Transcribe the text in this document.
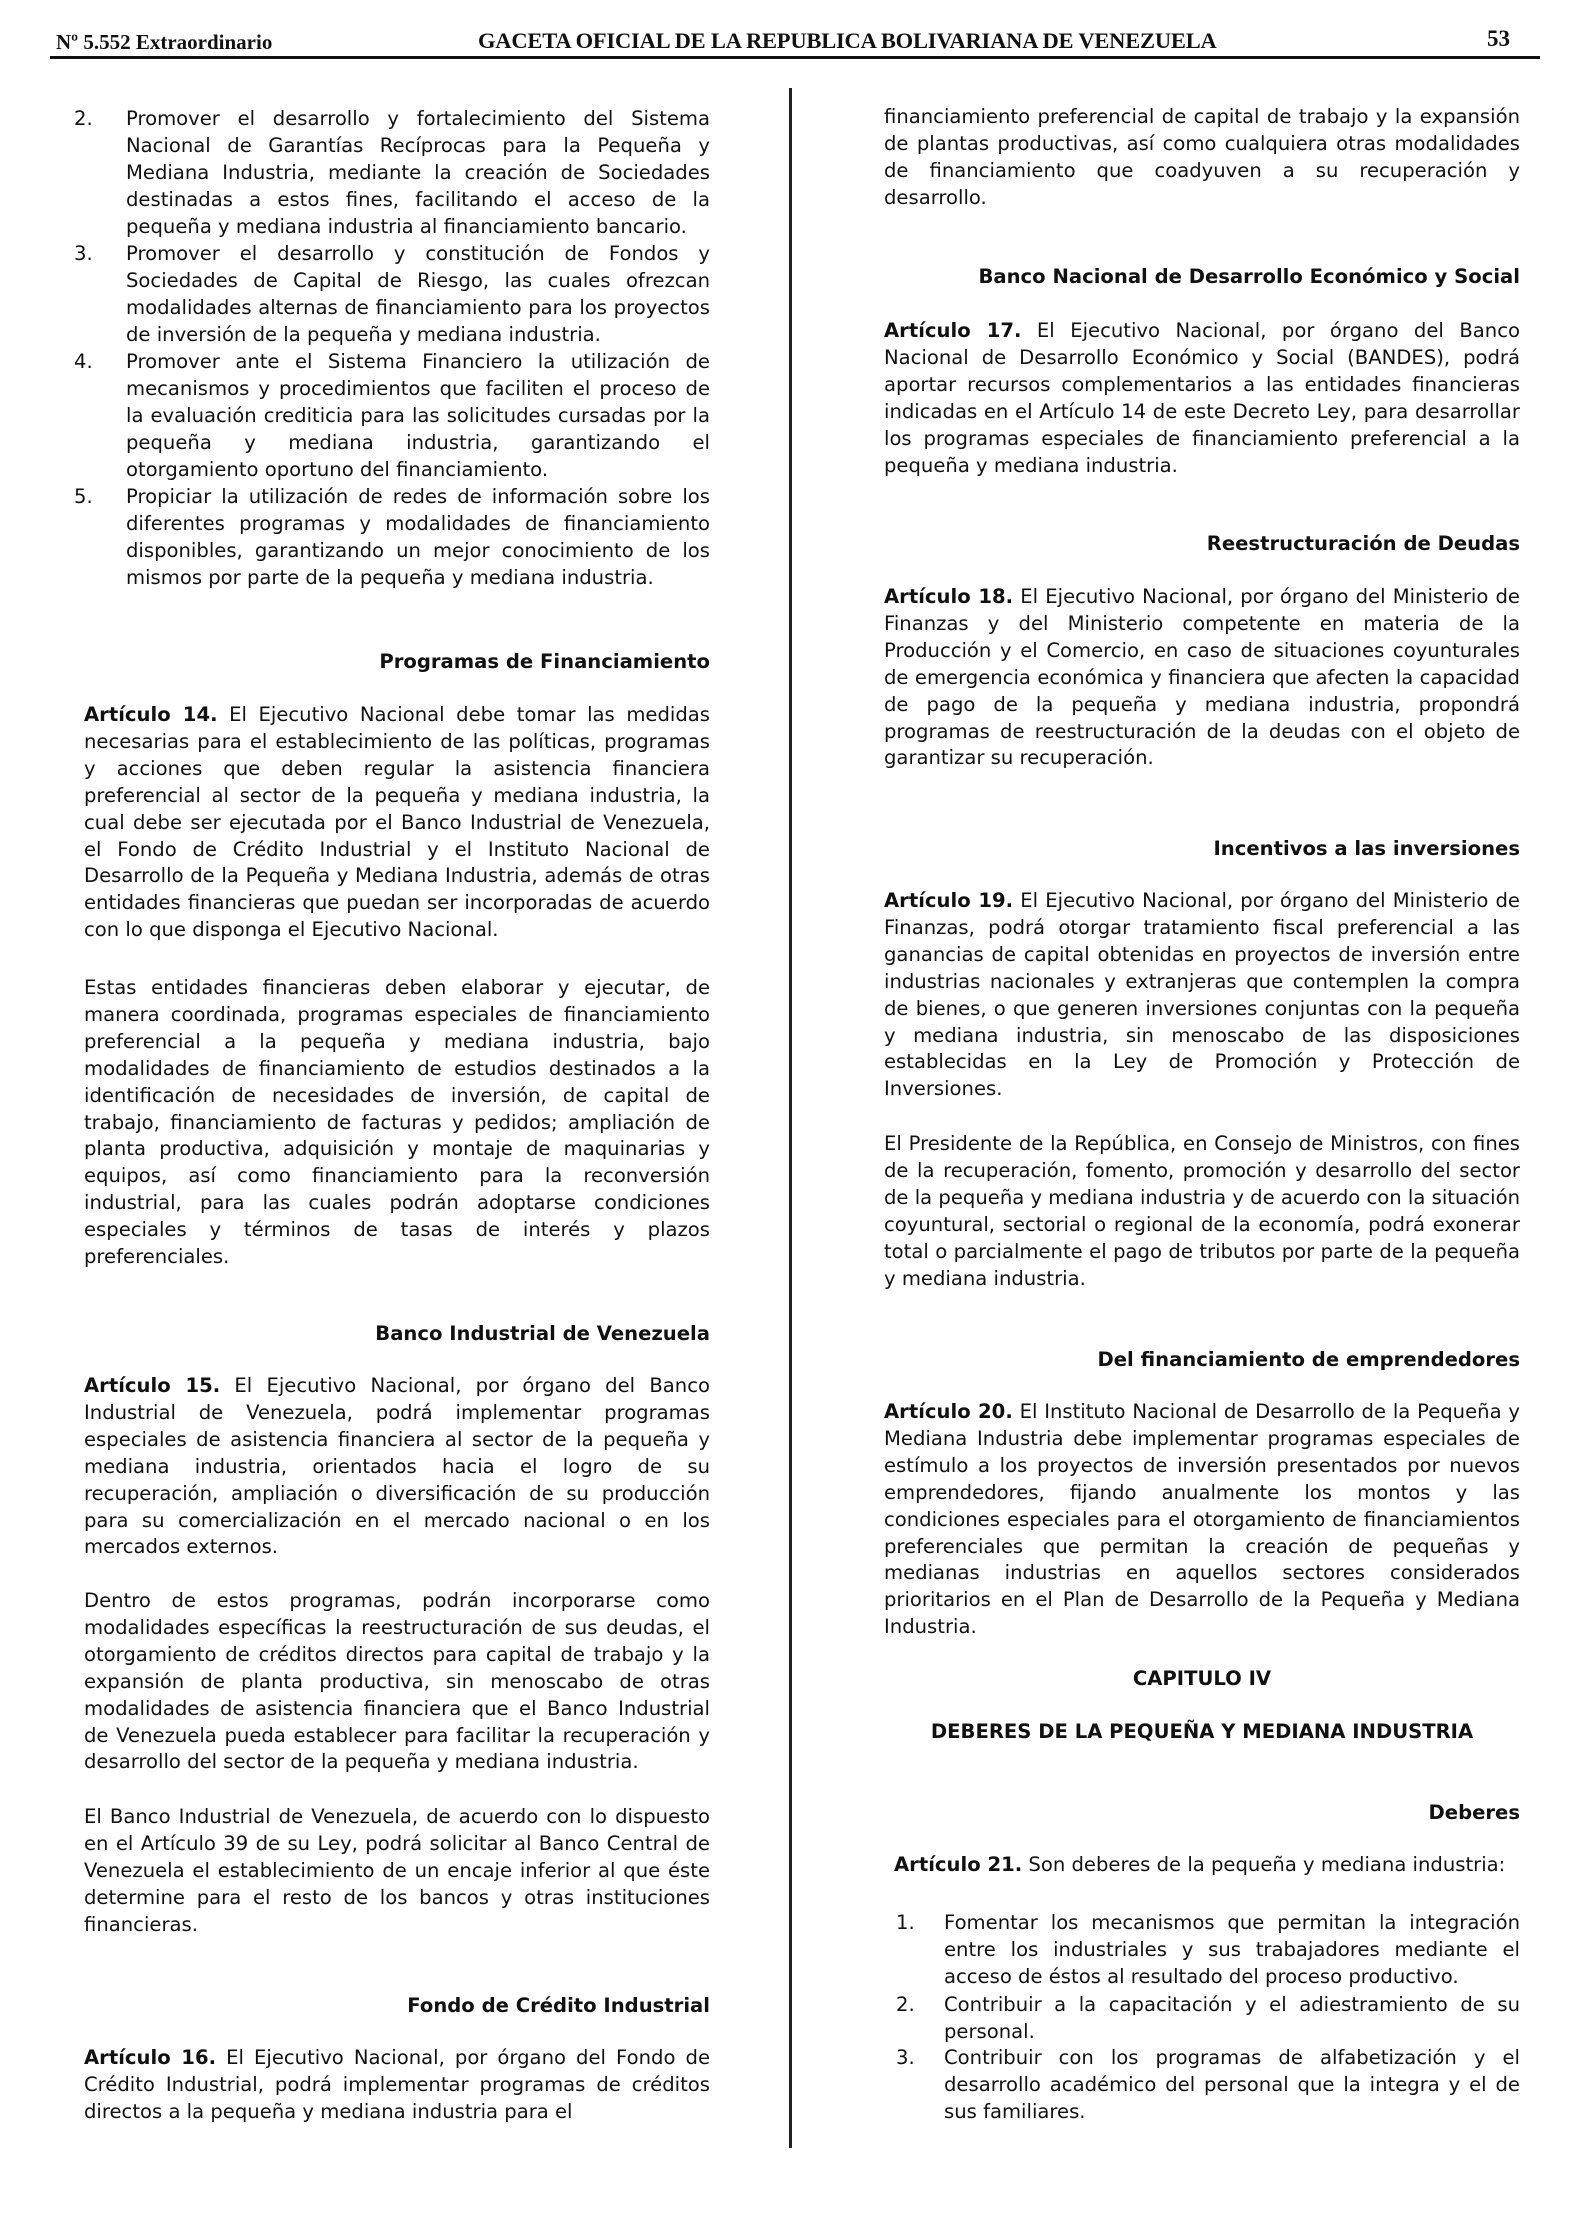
Nº 5.552 Extraordinario	GACETA OFICIAL DE LA REPUBLICA BOLIVARIANA DE VENEZUELA	53
2.	Promover el desarrollo y fortalecimiento del Sistema Nacional de Garantías Recíprocas para la Pequeña y Mediana Industria, mediante la creación de Sociedades destinadas a estos fines, facilitando el acceso de la pequeña y mediana industria al financiamiento bancario.

3.	Promover el desarrollo y constitución de Fondos y Sociedades de Capital de Riesgo, las cuales ofrezcan modalidades alternas de financiamiento para los proyectos de inversión de la pequeña y mediana industria.

4.	Promover ante el Sistema Financiero la utilización de mecanismos y procedimientos que faciliten el proceso de la evaluación crediticia para las solicitudes cursadas por la pequeña y mediana industria, garantizando el otorgamiento oportuno del financiamiento.

5.	Propiciar la utilización de redes de información sobre los diferentes programas y modalidades de financiamiento disponibles, garantizando un mejor conocimiento de los mismos por parte de la pequeña y mediana industria.

Programas de Financiamiento

Artículo 14. El Ejecutivo Nacional debe tomar las medidas necesarias para el establecimiento de las políticas, programas y acciones que deben regular la asistencia financiera preferencial al sector de la pequeña y mediana industria, la cual debe ser ejecutada por el Banco Industrial de Venezuela, el Fondo de Crédito Industrial y el Instituto Nacional de Desarrollo de la Pequeña y Mediana Industria, además de otras entidades financieras que puedan ser incorporadas de acuerdo con lo que disponga el Ejecutivo Nacional.

Estas entidades financieras deben elaborar y ejecutar, de manera coordinada, programas especiales de financiamiento preferencial a la pequeña y mediana industria, bajo modalidades de financiamiento de estudios destinados a la identificación de necesidades de inversión, de capital de trabajo, financiamiento de facturas y pedidos; ampliación de planta productiva, adquisición y montaje de maquinarias y equipos, así como financiamiento para la reconversión industrial, para las cuales podrán adoptarse condiciones especiales y términos de tasas de interés y plazos preferenciales.

Banco Industrial de Venezuela

Artículo 15. El Ejecutivo Nacional, por órgano del Banco Industrial de Venezuela, podrá implementar programas especiales de asistencia financiera al sector de la pequeña y mediana industria, orientados hacia el logro de su recuperación, ampliación o diversificación de su producción para su comercialización en el mercado nacional o en los mercados externos.

Dentro de estos programas, podrán incorporarse como modalidades específicas la reestructuración de sus deudas, el otorgamiento de créditos directos para capital de trabajo y la expansión de planta productiva, sin menoscabo de otras modalidades de asistencia financiera que el Banco Industrial de Venezuela pueda establecer para facilitar la recuperación y desarrollo del sector de la pequeña y mediana industria.

El Banco Industrial de Venezuela, de acuerdo con lo dispuesto en el Artículo 39 de su Ley, podrá solicitar al Banco Central de Venezuela el establecimiento de un encaje inferior al que éste determine para el resto de los bancos y otras instituciones financieras.

Fondo de Crédito Industrial

Artículo 16. El Ejecutivo Nacional, por órgano del Fondo de Crédito Industrial, podrá implementar programas de créditos directos a la pequeña y mediana industria para el

financiamiento preferencial de capital de trabajo y la expansión de plantas productivas, así como cualquiera otras modalidades de financiamiento que coadyuven a su recuperación y desarrollo.

Banco Nacional de Desarrollo Económico y Social

Artículo 17. El Ejecutivo Nacional, por órgano del Banco Nacional de Desarrollo Económico y Social (BANDES), podrá aportar recursos complementarios a las entidades financieras indicadas en el Artículo 14 de este Decreto Ley, para desarrollar los programas especiales de financiamiento preferencial a la pequeña y mediana industria.

Reestructuración de Deudas

Artículo 18. El Ejecutivo Nacional, por órgano del Ministerio de Finanzas y del Ministerio competente en materia de la Producción y el Comercio, en caso de situaciones coyunturales de emergencia económica y financiera que afecten la capacidad de pago de la pequeña y mediana industria, propondrá programas de reestructuración de la deudas con el objeto de garantizar su recuperación.

Incentivos a las inversiones

Artículo 19. El Ejecutivo Nacional, por órgano del Ministerio de Finanzas, podrá otorgar tratamiento fiscal preferencial a las ganancias de capital obtenidas en proyectos de inversión entre industrias nacionales y extranjeras que contemplen la compra de bienes, o que generen inversiones conjuntas con la pequeña y mediana industria, sin menoscabo de las disposiciones establecidas en la Ley de Promoción y Protección de Inversiones.

El Presidente de la República, en Consejo de Ministros, con fines de la recuperación, fomento, promoción y desarrollo del sector de la pequeña y mediana industria y de acuerdo con la situación coyuntural, sectorial o regional de la economía, podrá exonerar total o parcialmente el pago de tributos por parte de la pequeña y mediana industria.

Del financiamiento de emprendedores

Artículo 20. El Instituto Nacional de Desarrollo de la Pequeña y Mediana Industria debe implementar programas especiales de estímulo a los proyectos de inversión presentados por nuevos emprendedores, fijando anualmente los montos y las condiciones especiales para el otorgamiento de financiamientos preferenciales que permitan la creación de pequeñas y medianas industrias en aquellos sectores considerados prioritarios en el Plan de Desarrollo de la Pequeña y Mediana Industria.

CAPITULO IV
DEBERES DE LA PEQUEÑA Y MEDIANA INDUSTRIA
Deberes

Artículo 21. Son deberes de la pequeña y mediana industria:

1.	Fomentar los mecanismos que permitan la integración entre los industriales y sus trabajadores mediante el acceso de éstos al resultado del proceso productivo.

2.	Contribuir a la capacitación y el adiestramiento de su personal.

3.	Contribuir con los programas de alfabetización y el desarrollo académico del personal que la integra y el de sus familiares.
